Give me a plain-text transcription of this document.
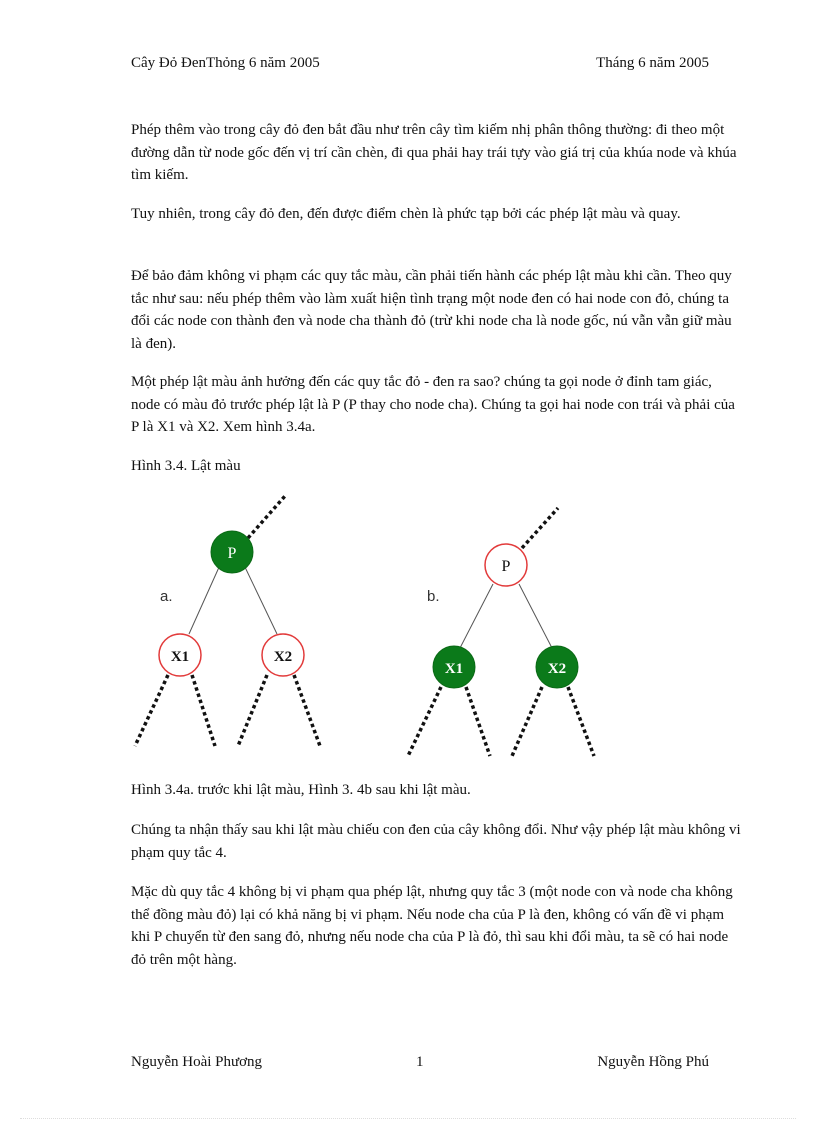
Cây Đỏ ĐenThỏng 6 năm 2005	Tháng 6 năm 2005

Phép thêm vào trong cây đỏ đen bắt đầu như trên cây tìm kiếm nhị phân thông thường: đi theo một đường dẫn từ node gốc đến vị trí cần chèn, đi qua phải hay trái tựy vào giá trị của khúa node và khúa tìm kiếm.

Tuy nhiên, trong cây đỏ đen, đến được điểm chèn là phức tạp bởi các phép lật màu và quay.

Để bảo đảm không vi phạm các quy tắc màu, cần phải tiến hành các phép lật màu khi cần. Theo quy tắc như sau: nếu phép thêm vào làm xuất hiện tình trạng một node đen có hai node con đỏ, chúng ta đổi các node con thành đen và node cha thành đỏ (trừ khi node cha là node gốc, nú vẫn vẫn giữ màu là đen).

Một phép lật màu ảnh hưởng đến các quy tắc đỏ - đen ra sao? chúng ta gọi node ở đỉnh tam giác, node có màu đỏ trước phép lật là P (P thay cho node cha). Chúng ta gọi hai node con trái và phải của P là X1 và X2. Xem hình 3.4a.

Hình 3.4. Lật màu

P
X1	X2
a.
P
X1	X2
b.

Hình 3.4a. trước khi lật màu, Hình 3. 4b sau khi lật màu.

Chúng ta nhận thấy sau khi lật màu chiếu con đen của cây không đổi. Như vậy phép lật màu không vi phạm quy tắc 4.

Mặc dù quy tắc 4 không bị vi phạm qua phép lật, nhưng quy tắc 3 (một node con và node cha không thể đồng màu đỏ) lại có khả năng bị vi phạm. Nếu node cha của P là đen, không có vấn đề vi phạm khi P chuyển từ đen sang đỏ, nhưng nếu node cha của P là đỏ, thì sau khi đổi màu, ta sẽ có hai node đỏ trên một hàng.

Nguyễn Hoài Phương	1	Nguyễn Hồng Phú
